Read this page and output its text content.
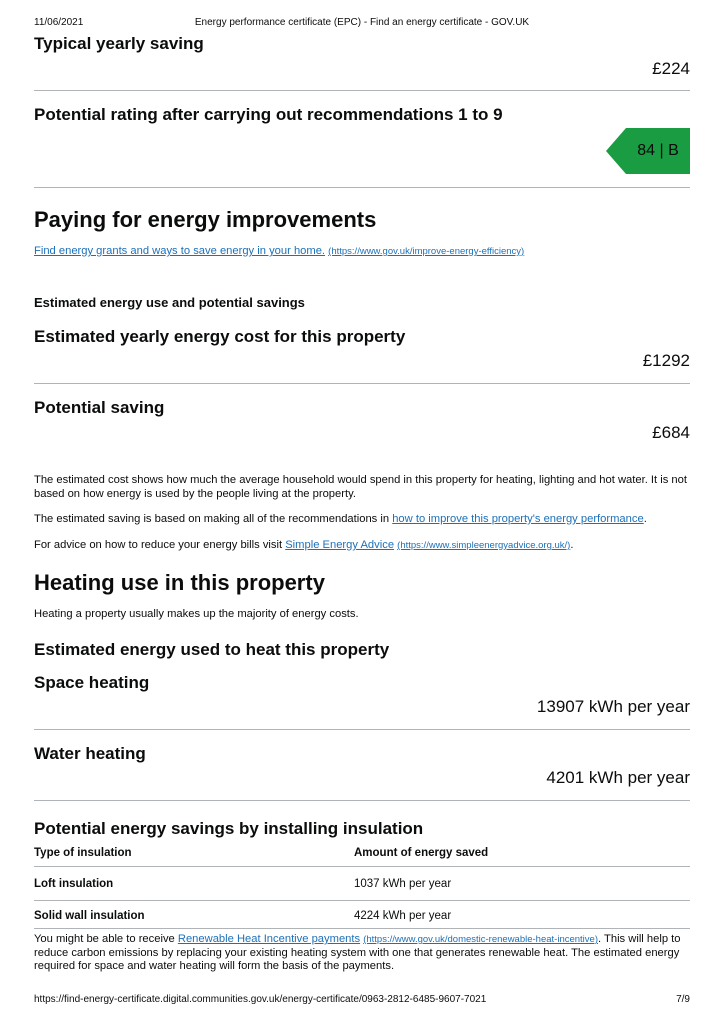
11/06/2021	Energy performance certificate (EPC) - Find an energy certificate - GOV.UK
Typical yearly saving
£224
Potential rating after carrying out recommendations 1 to 9
84 | B
Paying for energy improvements
Find energy grants and ways to save energy in your home. (https://www.gov.uk/improve-energy-efficiency)
Estimated energy use and potential savings
Estimated yearly energy cost for this property
£1292
Potential saving
£684
The estimated cost shows how much the average household would spend in this property for heating, lighting and hot water. It is not based on how energy is used by the people living at the property.
The estimated saving is based on making all of the recommendations in how to improve this property's energy performance.
For advice on how to reduce your energy bills visit Simple Energy Advice (https://www.simpleenergyadvice.org.uk/).
Heating use in this property
Heating a property usually makes up the majority of energy costs.
Estimated energy used to heat this property
Space heating
13907 kWh per year
Water heating
4201 kWh per year
Potential energy savings by installing insulation
Type of insulation	Amount of energy saved
Loft insulation	1037 kWh per year
Solid wall insulation	4224 kWh per year
You might be able to receive Renewable Heat Incentive payments (https://www.gov.uk/domestic-renewable-heat-incentive). This will help to reduce carbon emissions by replacing your existing heating system with one that generates renewable heat. The estimated energy required for space and water heating will form the basis of the payments.
https://find-energy-certificate.digital.communities.gov.uk/energy-certificate/0963-2812-6485-9607-7021	7/9
